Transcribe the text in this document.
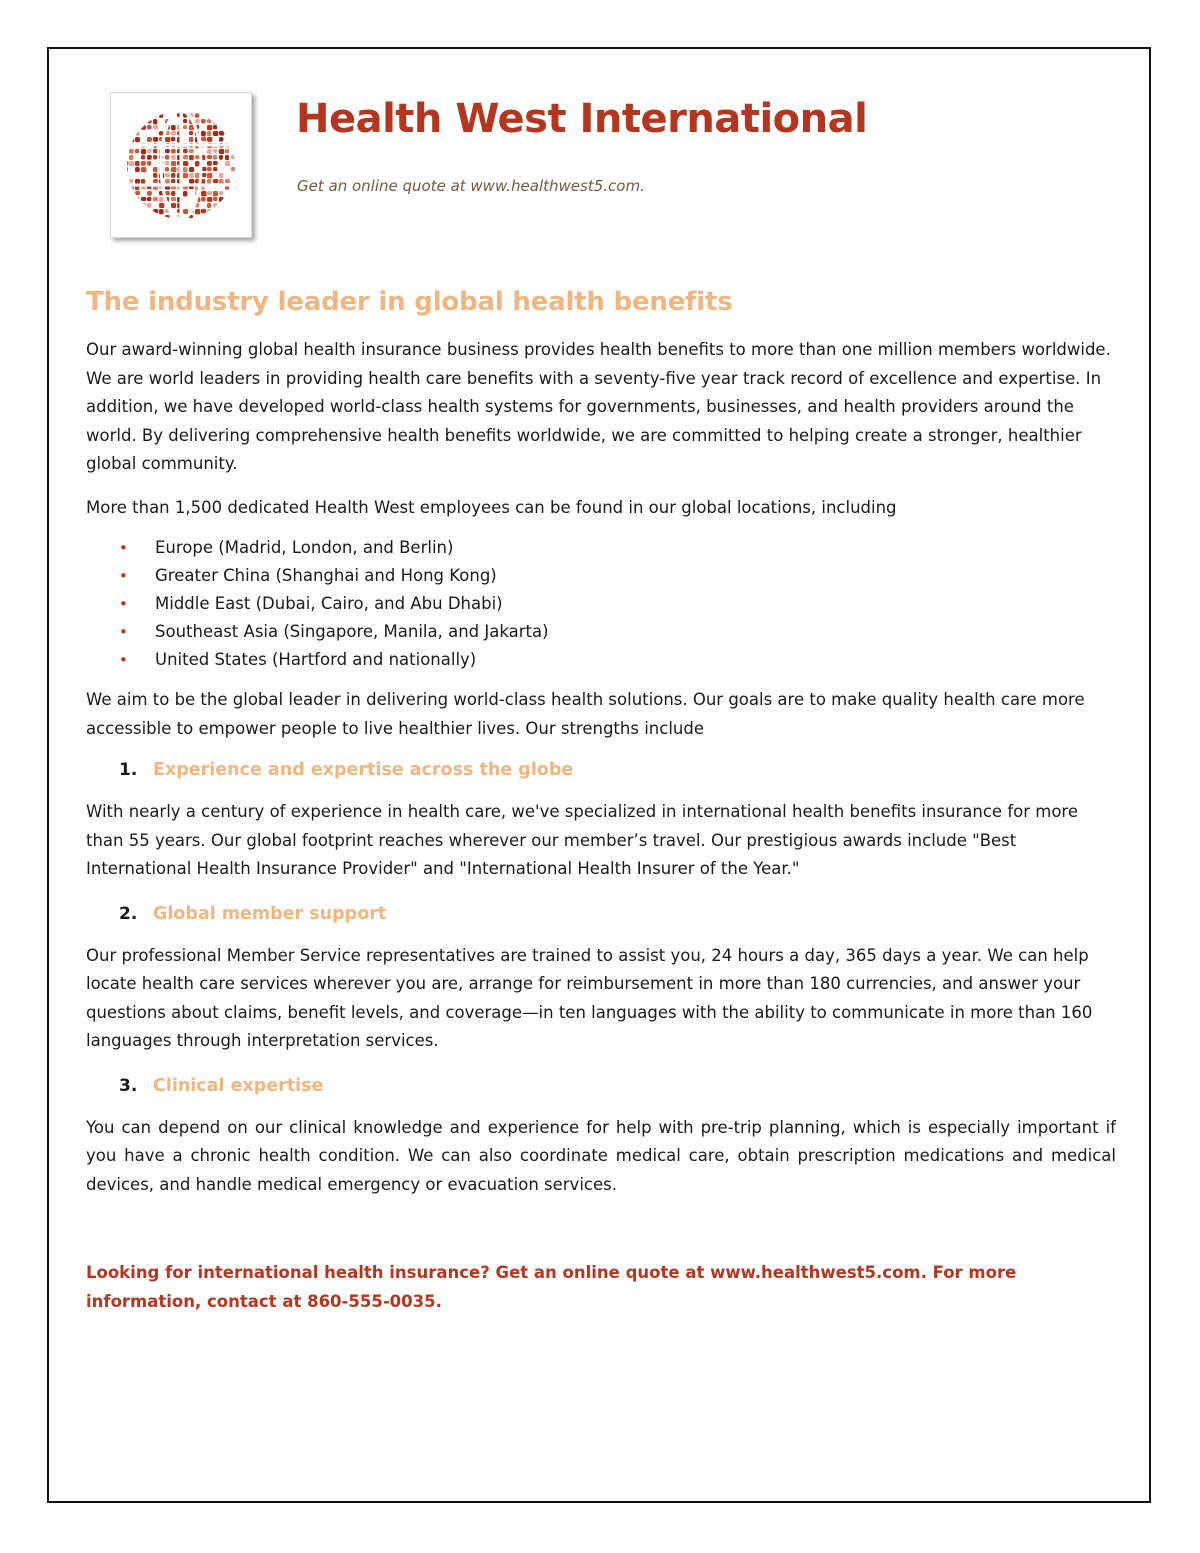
Health West International
Get an online quote at www.healthwest5.com.
The industry leader in global health benefits

Our award-winning global health insurance business provides health benefits to more than one million members worldwide. We are world leaders in providing health care benefits with a seventy-five year track record of excellence and expertise. In addition, we have developed world-class health systems for governments, businesses, and health providers around the world. By delivering comprehensive health benefits worldwide, we are committed to helping create a stronger, healthier global community.

More than 1,500 dedicated Health West employees can be found in our global locations, including

• Europe (Madrid, London, and Berlin)
• Greater China (Shanghai and Hong Kong)
• Middle East (Dubai, Cairo, and Abu Dhabi)
• Southeast Asia (Singapore, Manila, and Jakarta)
• United States (Hartford and nationally)

We aim to be the global leader in delivering world-class health solutions. Our goals are to make quality health care more accessible to empower people to live healthier lives. Our strengths include

1. Experience and expertise across the globe

With nearly a century of experience in health care, we've specialized in international health benefits insurance for more than 55 years. Our global footprint reaches wherever our member’s travel. Our prestigious awards include "Best International Health Insurance Provider" and "International Health Insurer of the Year."

2. Global member support

Our professional Member Service representatives are trained to assist you, 24 hours a day, 365 days a year. We can help locate health care services wherever you are, arrange for reimbursement in more than 180 currencies, and answer your questions about claims, benefit levels, and coverage—in ten languages with the ability to communicate in more than 160 languages through interpretation services.

3. Clinical expertise

You can depend on our clinical knowledge and experience for help with pre-trip planning, which is especially important if you have a chronic health condition. We can also coordinate medical care, obtain prescription medications and medical devices, and handle medical emergency or evacuation services.

Looking for international health insurance? Get an online quote at www.healthwest5.com. For more information, contact at 860-555-0035.
